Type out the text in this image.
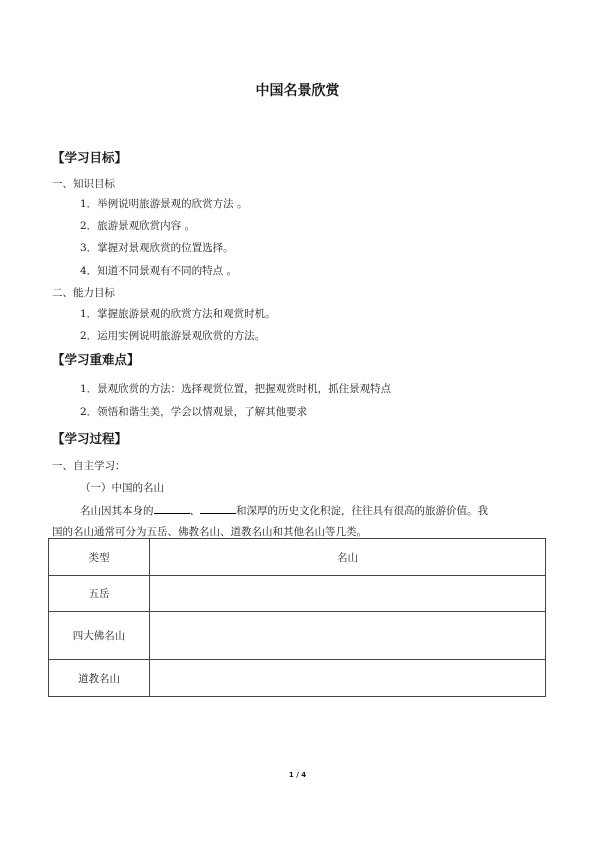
中国名景欣赏
【学习目标】
一、知识目标
1．举例说明旅游景观的欣赏方法 。
2．旅游景观欣赏内容 。
3．掌握对景观欣赏的位置选择。
4．知道不同景观有不同的特点 。
二、能力目标
1．掌握旅游景观的欣赏方法和观赏时机。
2．运用实例说明旅游景观欣赏的方法。
【学习重难点】
1．景观欣赏的方法：选择观赏位置，把握观赏时机，抓住景观特点
2．领悟和谐生美，学会以情观景，了解其他要求
【学习过程】
一、自主学习：
（一）中国的名山
名山因其本身的	、	和深厚的历史文化积淀，往往具有很高的旅游价值。我
国的名山通常可分为五岳、佛教名山、道教名山和其他名山等几类。
类型	名山
五岳	
四大佛名山	
道教名山	
1 / 4
